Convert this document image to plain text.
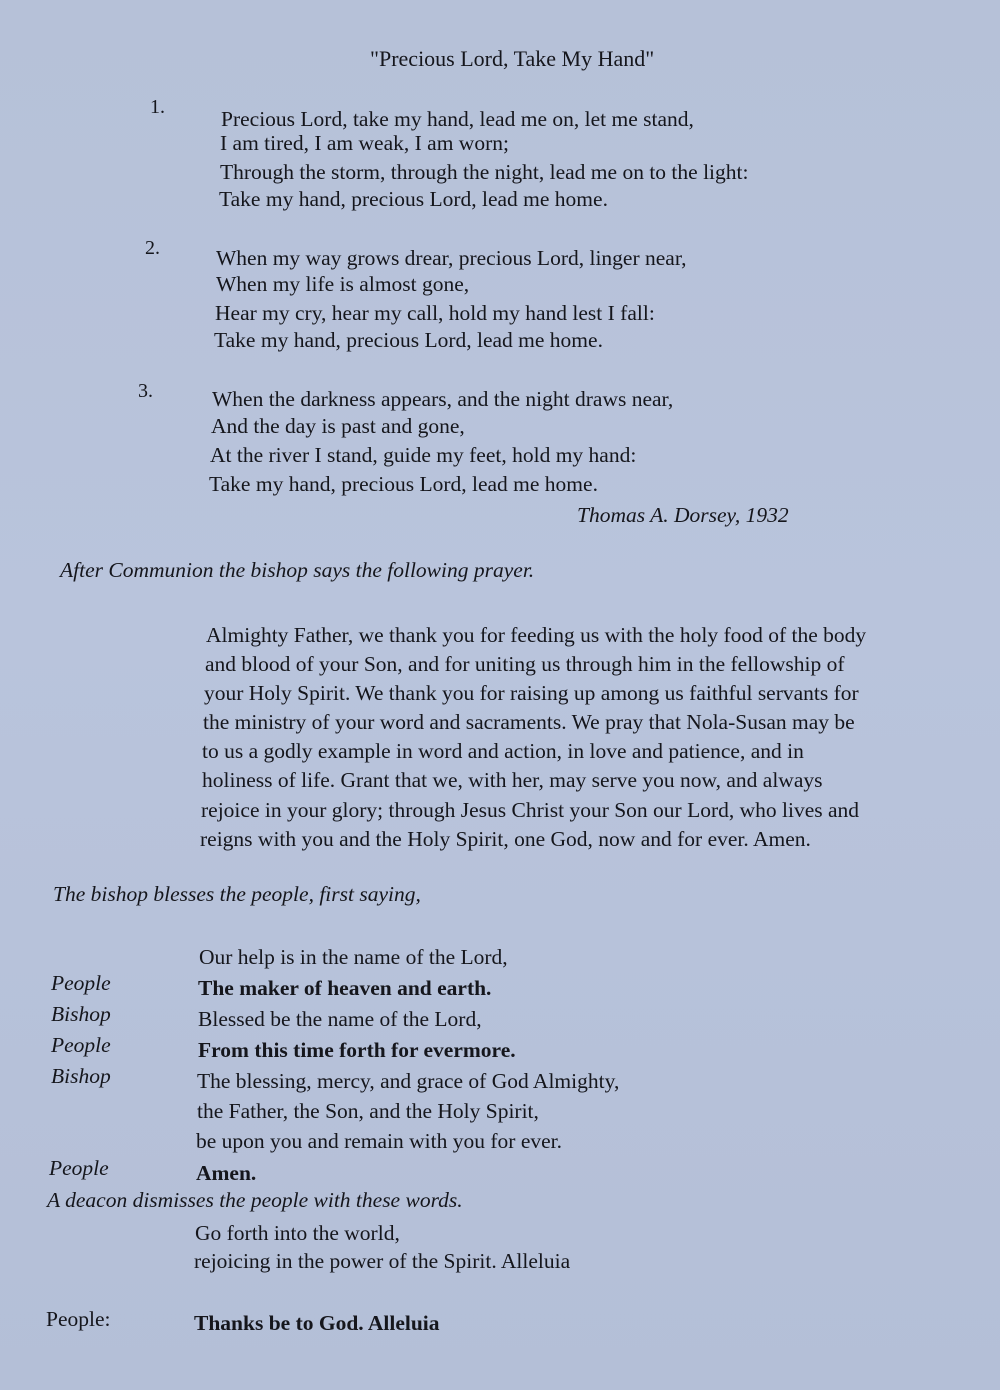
"Precious Lord, Take My Hand"
1.	Precious Lord, take my hand, lead me on, let me stand,
I am tired, I am weak, I am worn;
Through the storm, through the night, lead me on to the light:
Take my hand, precious Lord, lead me home.
2.	When my way grows drear, precious Lord, linger near,
When my life is almost gone,
Hear my cry, hear my call, hold my hand lest I fall:
Take my hand, precious Lord, lead me home.
3.	When the darkness appears, and the night draws near,
And the day is past and gone,
At the river I stand, guide my feet, hold my hand:
Take my hand, precious Lord, lead me home.
Thomas A. Dorsey, 1932
After Communion the bishop says the following prayer.
Almighty Father, we thank you for feeding us with the holy food of the body
and blood of your Son, and for uniting us through him in the fellowship of
your Holy Spirit. We thank you for raising up among us faithful servants for
the ministry of your word and sacraments. We pray that Nola-Susan may be
to us a godly example in word and action, in love and patience, and in
holiness of life. Grant that we, with her, may serve you now, and always
rejoice in your glory; through Jesus Christ your Son our Lord, who lives and
reigns with you and the Holy Spirit, one God, now and for ever. Amen.
The bishop blesses the people, first saying,
Our help is in the name of the Lord,
People	The maker of heaven and earth.
Bishop	Blessed be the name of the Lord,
People	From this time forth for evermore.
Bishop	The blessing, mercy, and grace of God Almighty,
the Father, the Son, and the Holy Spirit,
be upon you and remain with you for ever.
People	Amen.
A deacon dismisses the people with these words.
Go forth into the world,
rejoicing in the power of the Spirit. Alleluia
People:	Thanks be to God. Alleluia
